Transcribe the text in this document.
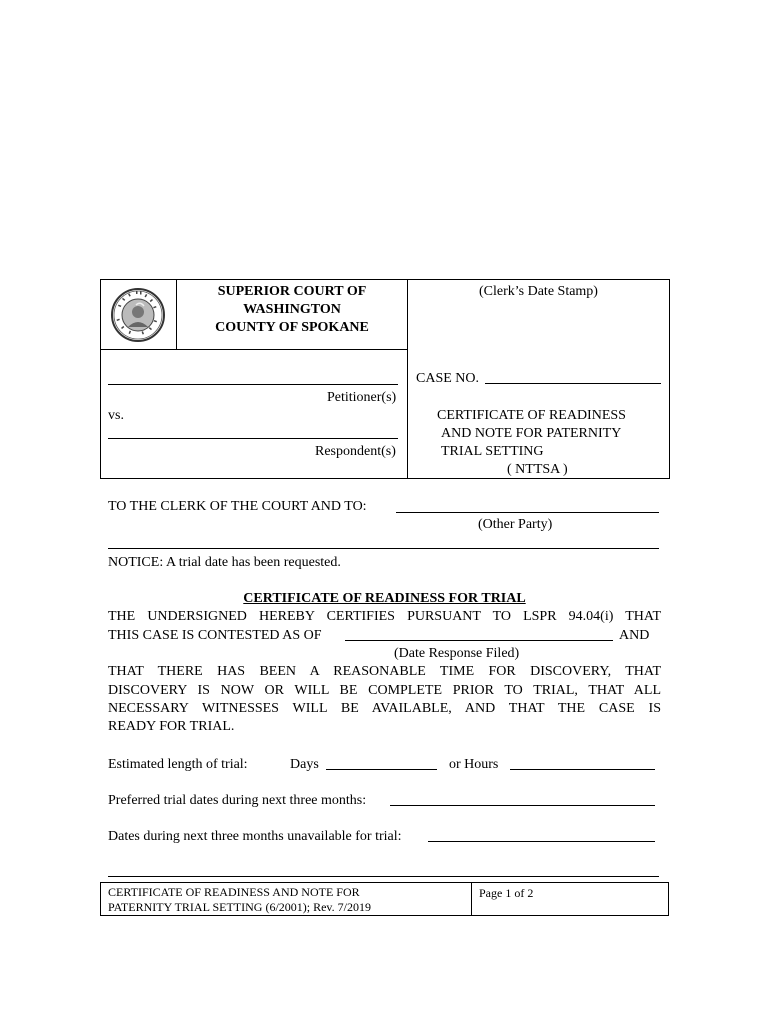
SUPERIOR COURT OF
WASHINGTON
COUNTY OF SPOKANE
(Clerk’s Date Stamp)
Petitioner(s)
vs.
Respondent(s)
CASE NO.
CERTIFICATE OF READINESS
AND NOTE FOR PATERNITY
TRIAL SETTING
( NTTSA )
TO THE CLERK OF THE COURT AND TO:
(Other Party)
NOTICE: A trial date has been requested.
CERTIFICATE OF READINESS FOR TRIAL
THE UNDERSIGNED HEREBY CERTIFIES PURSUANT TO LSPR 94.04(i) THAT
THIS CASE IS CONTESTED AS OF	AND
(Date Response Filed)
THAT THERE HAS BEEN A REASONABLE TIME FOR DISCOVERY, THAT
DISCOVERY IS NOW OR WILL BE COMPLETE PRIOR TO TRIAL, THAT ALL
NECESSARY WITNESSES WILL BE AVAILABLE, AND THAT THE CASE IS
READY FOR TRIAL.
Estimated length of trial:	Days	or Hours
Preferred trial dates during next three months:
Dates during next three months unavailable for trial:
CERTIFICATE OF READINESS AND NOTE FOR
PATERNITY TRIAL SETTING (6/2001); Rev. 7/2019
Page 1 of 2
